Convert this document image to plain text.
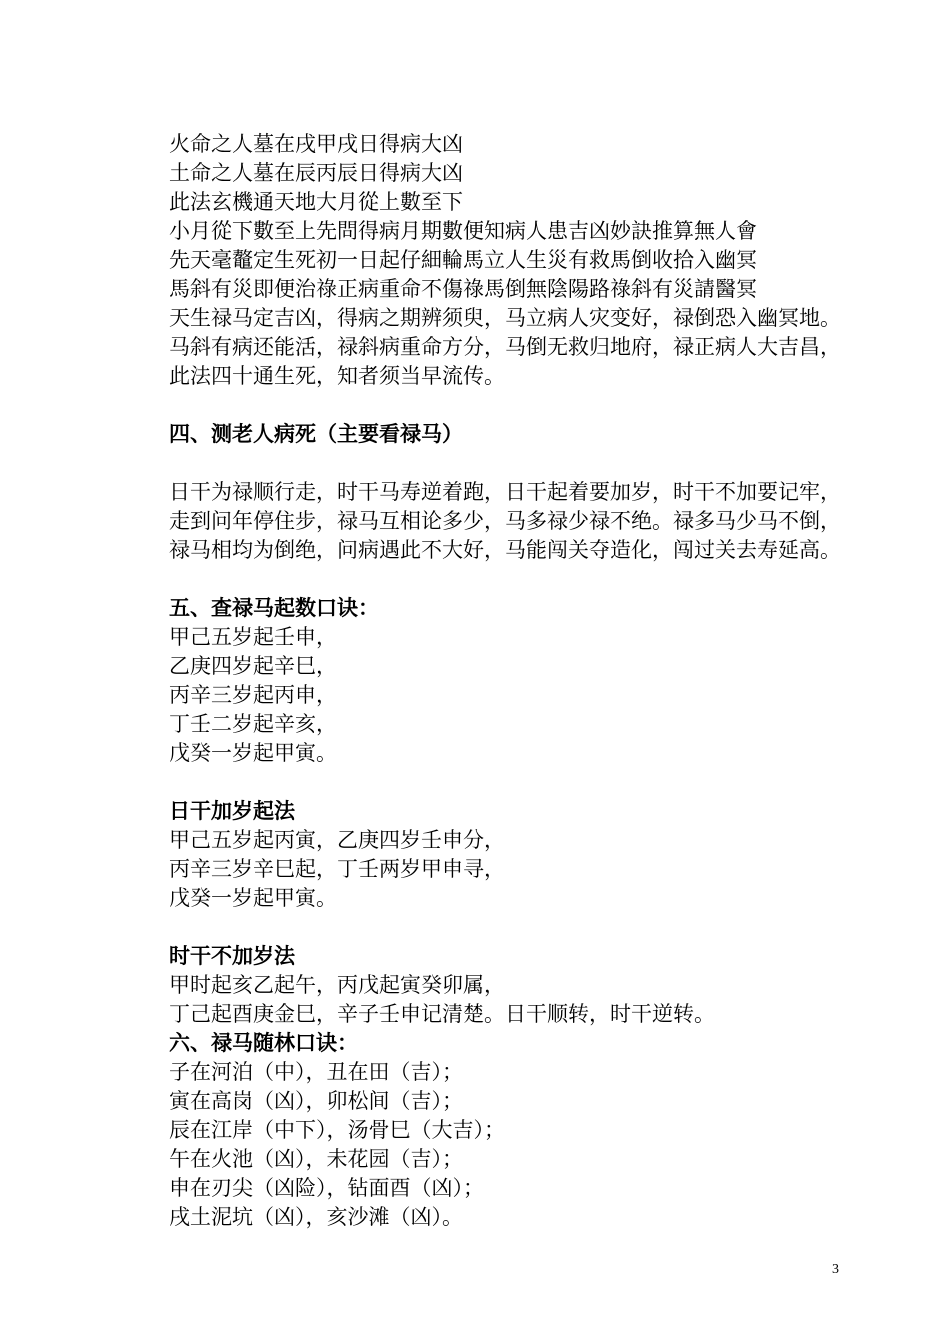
火命之人墓在戌甲戌日得病大凶
土命之人墓在辰丙辰日得病大凶
此法玄機通天地大月從上數至下
小月從下數至上先問得病月期數便知病人患吉凶妙訣推算無人會
先天毫鼇定生死初一日起仔細輪馬立人生災有救馬倒收拾入幽冥
馬斜有災即便治祿正病重命不傷祿馬倒無陰陽路祿斜有災請醫冥
天生禄马定吉凶，得病之期辨须臾，马立病人灾变好，禄倒恐入幽冥地。
马斜有病还能活，禄斜病重命方分，马倒无救归地府，禄正病人大吉昌，
此法四十通生死，知者须当早流传。
四、测老人病死（主要看禄马）
日干为禄顺行走，时干马寿逆着跑，日干起着要加岁，时干不加要记牢，
走到问年停住步，禄马互相论多少，马多禄少禄不绝。禄多马少马不倒，
禄马相均为倒绝，问病遇此不大好，马能闯关夺造化，闯过关去寿延高。
五、查禄马起数口诀：
甲己五岁起壬申，
乙庚四岁起辛巳，
丙辛三岁起丙申，
丁壬二岁起辛亥，
戊癸一岁起甲寅。
日干加岁起法
甲己五岁起丙寅，乙庚四岁壬申分，
丙辛三岁辛巳起，丁壬两岁甲申寻，
戊癸一岁起甲寅。
时干不加岁法
甲时起亥乙起午，丙戊起寅癸卯属，
丁己起酉庚金巳，辛子壬申记清楚。日干顺转，时干逆转。
六、禄马随林口诀：
子在河泊（中），丑在田（吉）；
寅在高岗（凶），卯松间（吉）；
辰在江岸（中下），汤骨巳（大吉）；
午在火池（凶），未花园（吉）；
申在刃尖（凶险），钻面酉（凶）；
戌土泥坑（凶），亥沙滩（凶）。
3
